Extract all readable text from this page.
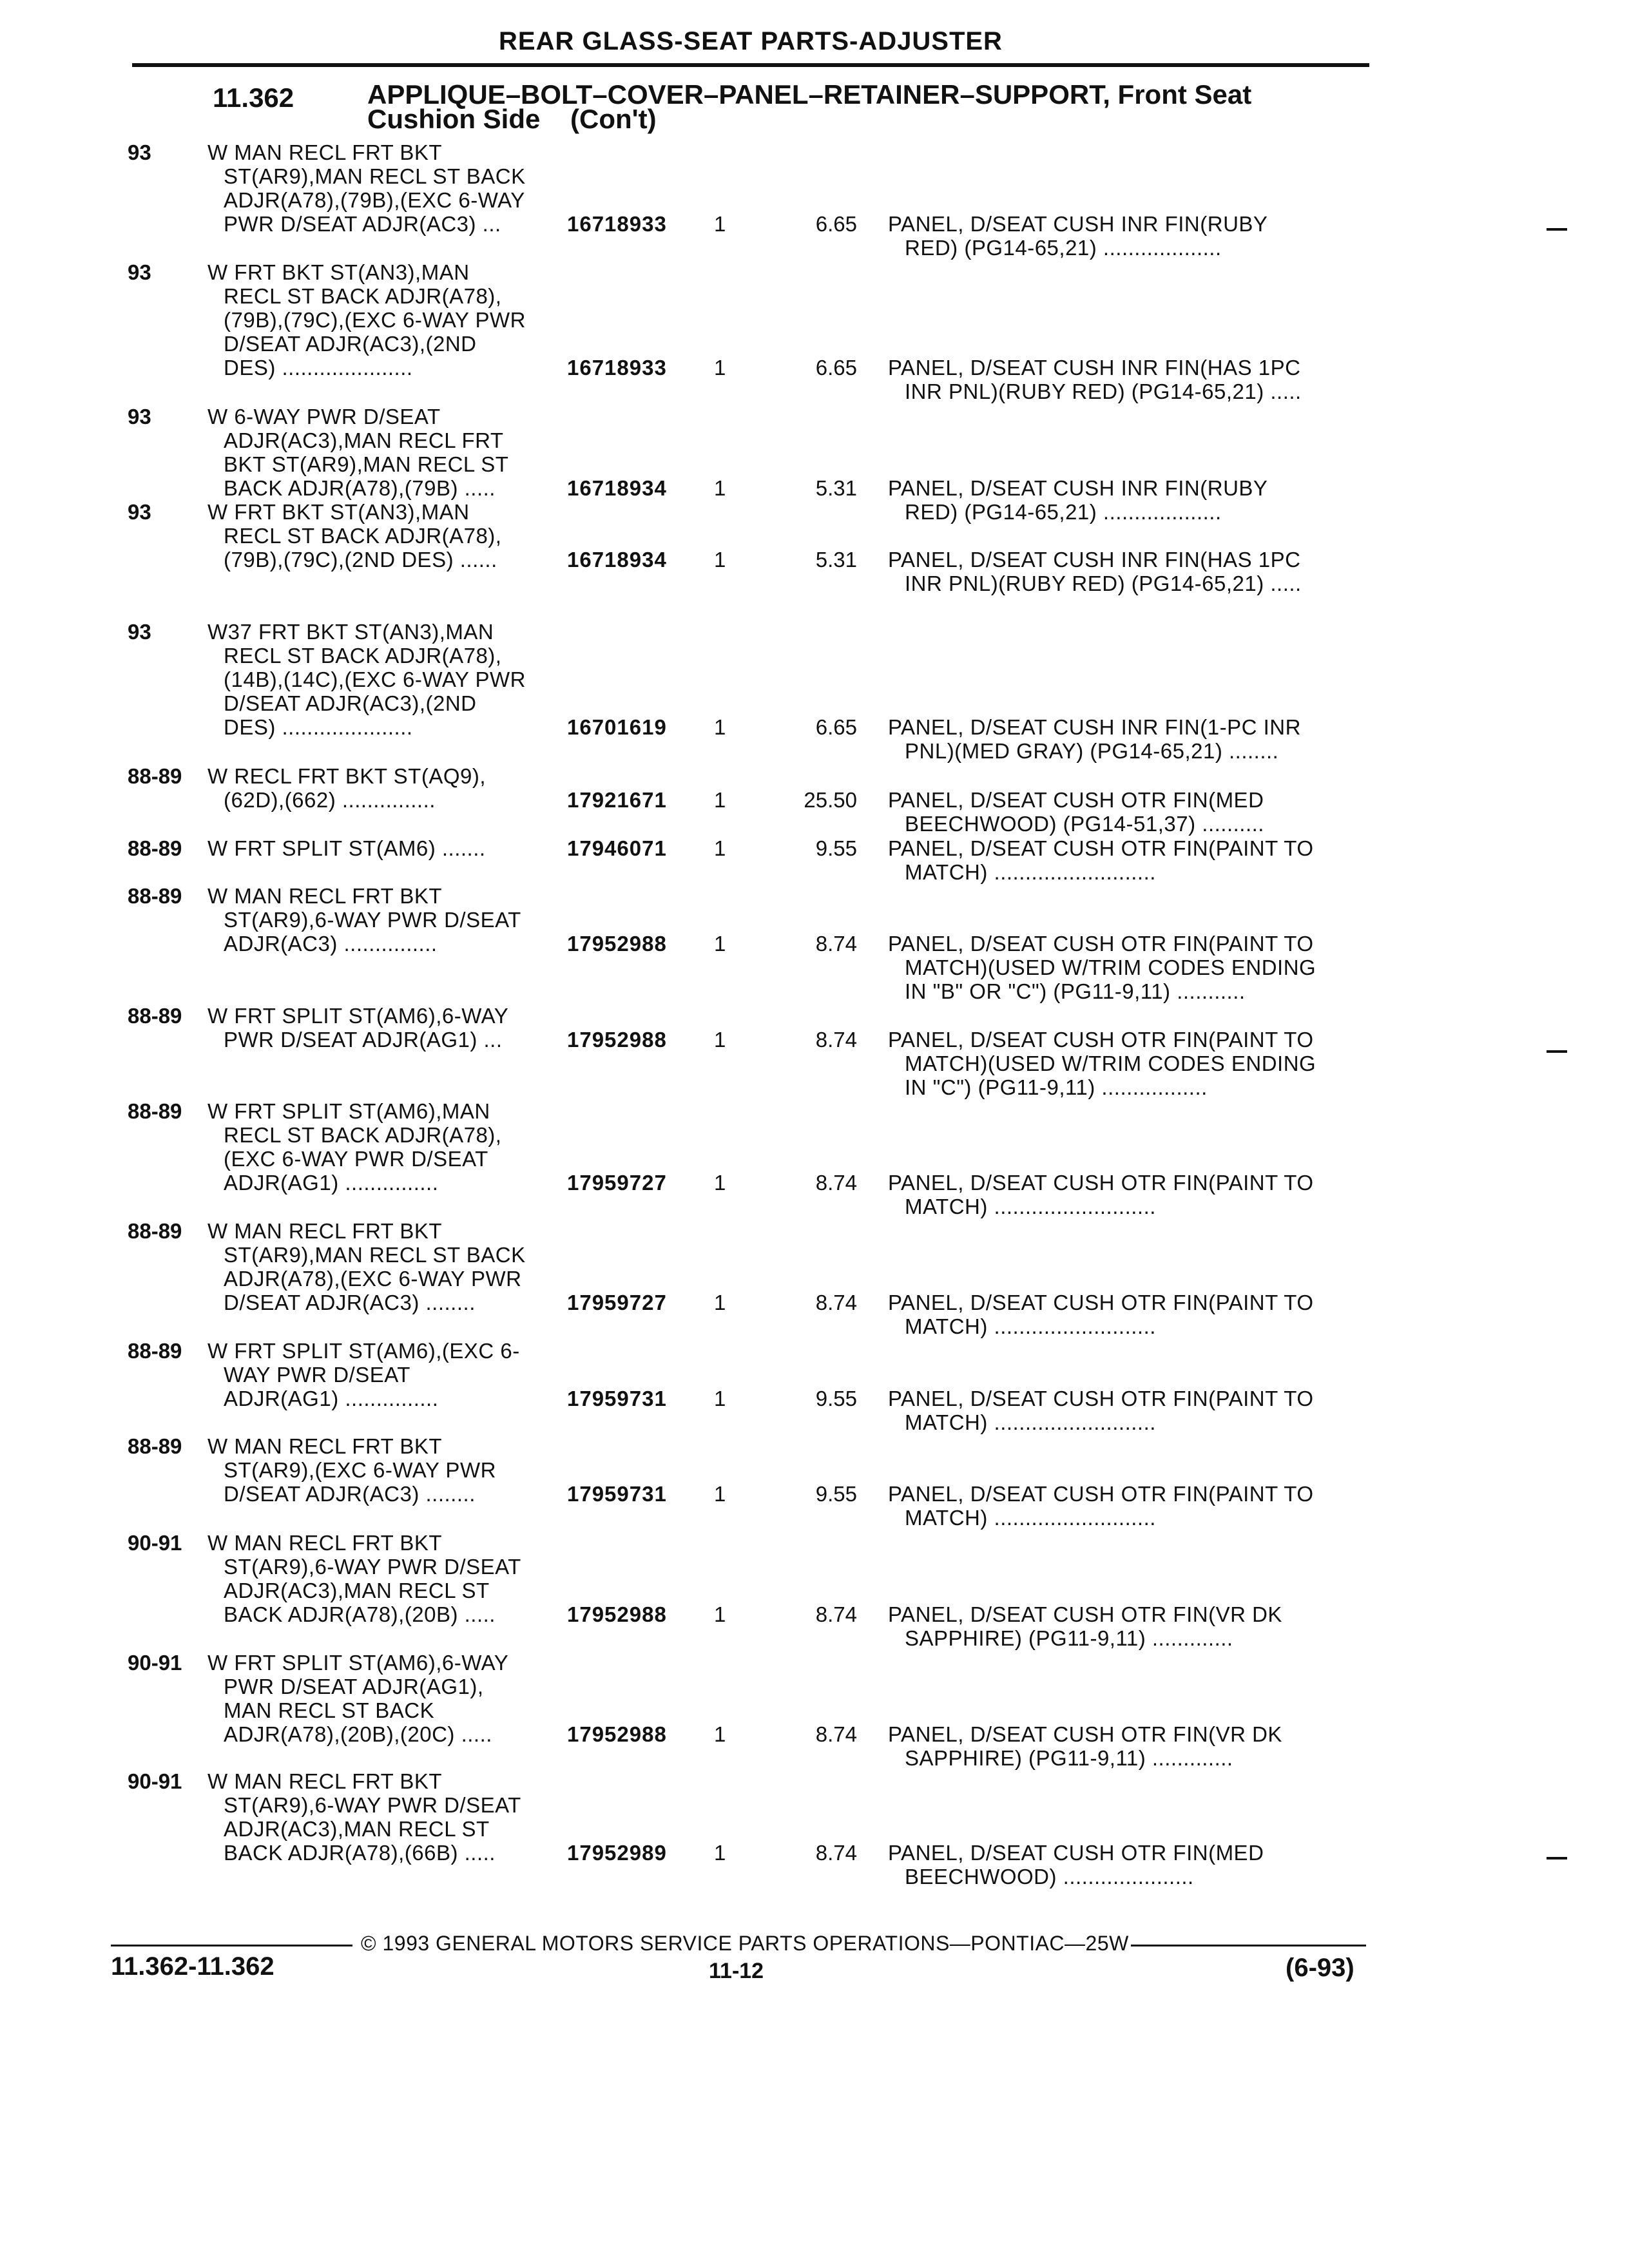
REAR GLASS-SEAT PARTS-ADJUSTER
11.362	APPLIQUE–BOLT–COVER–PANEL–RETAINER–SUPPORT, Front Seat
Cushion Side    (Con't)
93	W MAN RECL FRT BKT
ST(AR9),MAN RECL ST BACK
ADJR(A78),(79B),(EXC 6-WAY
PWR D/SEAT ADJR(AC3) ...	16718933 1	6.65 PANEL, D/SEAT CUSH INR FIN(RUBY
RED) (PG14-65,21) ...................
93	W FRT BKT ST(AN3),MAN
RECL ST BACK ADJR(A78),
(79B),(79C),(EXC 6-WAY PWR
D/SEAT ADJR(AC3),(2ND
DES) .....................	16718933 1	6.65 PANEL, D/SEAT CUSH INR FIN(HAS 1PC
INR PNL)(RUBY RED) (PG14-65,21) .....
93	W 6-WAY PWR D/SEAT
ADJR(AC3),MAN RECL FRT
BKT ST(AR9),MAN RECL ST
BACK ADJR(A78),(79B) .....	16718934 1	5.31 PANEL, D/SEAT CUSH INR FIN(RUBY
RED) (PG14-65,21) ...................
93	W FRT BKT ST(AN3),MAN
RECL ST BACK ADJR(A78),
(79B),(79C),(2ND DES) ......	16718934 1	5.31 PANEL, D/SEAT CUSH INR FIN(HAS 1PC
INR PNL)(RUBY RED) (PG14-65,21) .....
93	W37 FRT BKT ST(AN3),MAN
RECL ST BACK ADJR(A78),
(14B),(14C),(EXC 6-WAY PWR
D/SEAT ADJR(AC3),(2ND
DES) .....................	16701619 1	6.65 PANEL, D/SEAT CUSH INR FIN(1-PC INR
PNL)(MED GRAY) (PG14-65,21) ........
88-89 W RECL FRT BKT ST(AQ9),
(62D),(662) ...............	17921671 1	25.50 PANEL, D/SEAT CUSH OTR FIN(MED
BEECHWOOD) (PG14-51,37) ..........
88-89 W FRT SPLIT ST(AM6) .......	17946071 1	9.55 PANEL, D/SEAT CUSH OTR FIN(PAINT TO
MATCH) ..........................
88-89 W MAN RECL FRT BKT
ST(AR9),6-WAY PWR D/SEAT
ADJR(AC3) ...............	17952988 1	8.74 PANEL, D/SEAT CUSH OTR FIN(PAINT TO
MATCH)(USED W/TRIM CODES ENDING
IN "B" OR "C") (PG11-9,11) ...........
88-89 W FRT SPLIT ST(AM6),6-WAY
PWR D/SEAT ADJR(AG1) ...	17952988 1	8.74 PANEL, D/SEAT CUSH OTR FIN(PAINT TO
MATCH)(USED W/TRIM CODES ENDING
IN "C") (PG11-9,11) .................
88-89 W FRT SPLIT ST(AM6),MAN
RECL ST BACK ADJR(A78),
(EXC 6-WAY PWR D/SEAT
ADJR(AG1) ...............	17959727 1	8.74 PANEL, D/SEAT CUSH OTR FIN(PAINT TO
MATCH) ..........................
88-89 W MAN RECL FRT BKT
ST(AR9),MAN RECL ST BACK
ADJR(A78),(EXC 6-WAY PWR
D/SEAT ADJR(AC3) ........	17959727 1	8.74 PANEL, D/SEAT CUSH OTR FIN(PAINT TO
MATCH) ..........................
88-89 W FRT SPLIT ST(AM6),(EXC 6-
WAY PWR D/SEAT
ADJR(AG1) ...............	17959731 1	9.55 PANEL, D/SEAT CUSH OTR FIN(PAINT TO
MATCH) ..........................
88-89 W MAN RECL FRT BKT
ST(AR9),(EXC 6-WAY PWR
D/SEAT ADJR(AC3) ........	17959731 1	9.55 PANEL, D/SEAT CUSH OTR FIN(PAINT TO
MATCH) ..........................
90-91 W MAN RECL FRT BKT
ST(AR9),6-WAY PWR D/SEAT
ADJR(AC3),MAN RECL ST
BACK ADJR(A78),(20B) .....	17952988 1	8.74 PANEL, D/SEAT CUSH OTR FIN(VR DK
SAPPHIRE) (PG11-9,11) .............
90-91 W FRT SPLIT ST(AM6),6-WAY
PWR D/SEAT ADJR(AG1),
MAN RECL ST BACK
ADJR(A78),(20B),(20C) .....	17952988 1	8.74 PANEL, D/SEAT CUSH OTR FIN(VR DK
SAPPHIRE) (PG11-9,11) .............
90-91 W MAN RECL FRT BKT
ST(AR9),6-WAY PWR D/SEAT
ADJR(AC3),MAN RECL ST
BACK ADJR(A78),(66B) .....	17952989 1	8.74 PANEL, D/SEAT CUSH OTR FIN(MED
BEECHWOOD) .....................
© 1993 GENERAL MOTORS SERVICE PARTS OPERATIONS—PONTIAC—25W
11.362-11.362	11-12	(6-93)
